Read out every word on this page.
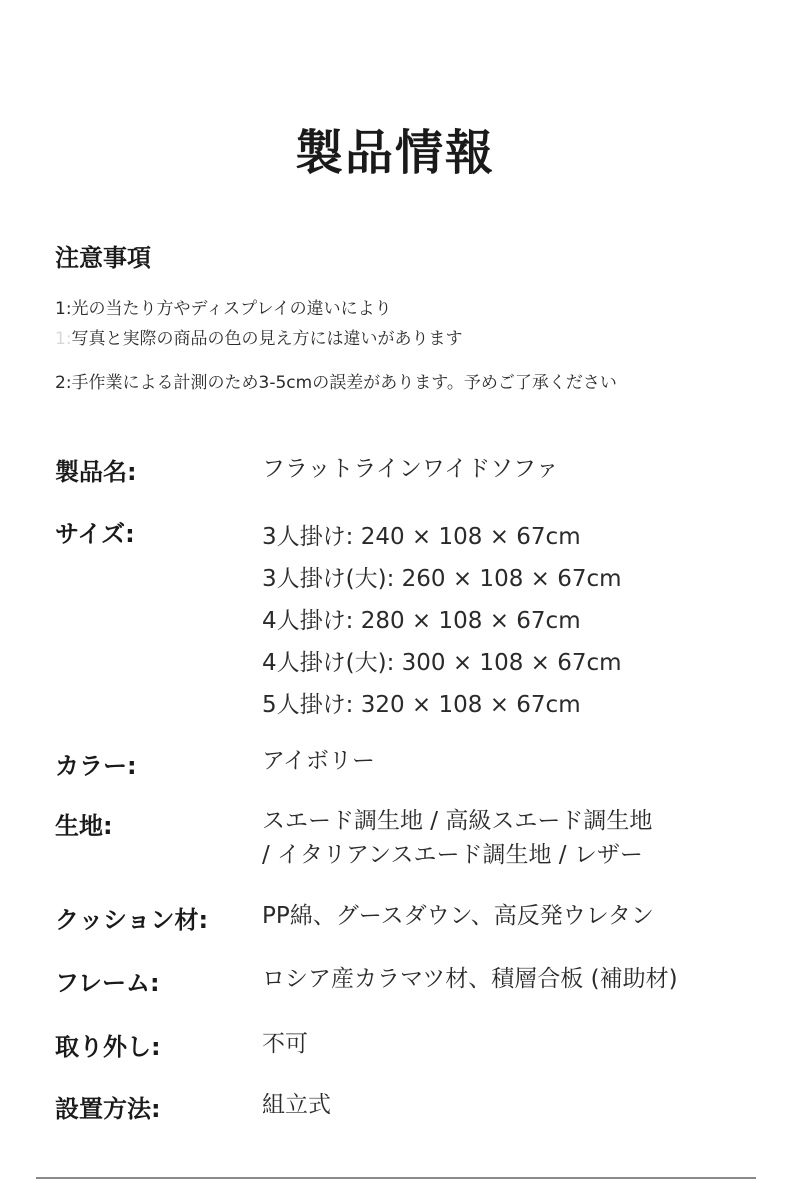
製品情報
注意事項
1:光の当たり方やディスプレイの違いにより
1:写真と実際の商品の色の見え方には違いがあります
2:手作業による計測のため3-5cmの誤差があります。予めご了承ください
製品名:	フラットラインワイドソファ
サイズ:	3人掛け: 240 × 108 × 67cm
3人掛け(大): 260 × 108 × 67cm
4人掛け: 280 × 108 × 67cm
4人掛け(大): 300 × 108 × 67cm
5人掛け: 320 × 108 × 67cm
カラー:	アイボリー
生地:	スエード調生地 / 高級スエード調生地
/ イタリアンスエード調生地 / レザー
クッション材: PP綿、グースダウン、高反発ウレタン
フレーム:	ロシア産カラマツ材、積層合板 (補助材)
取り外し:	不可
設置方法:	組立式
